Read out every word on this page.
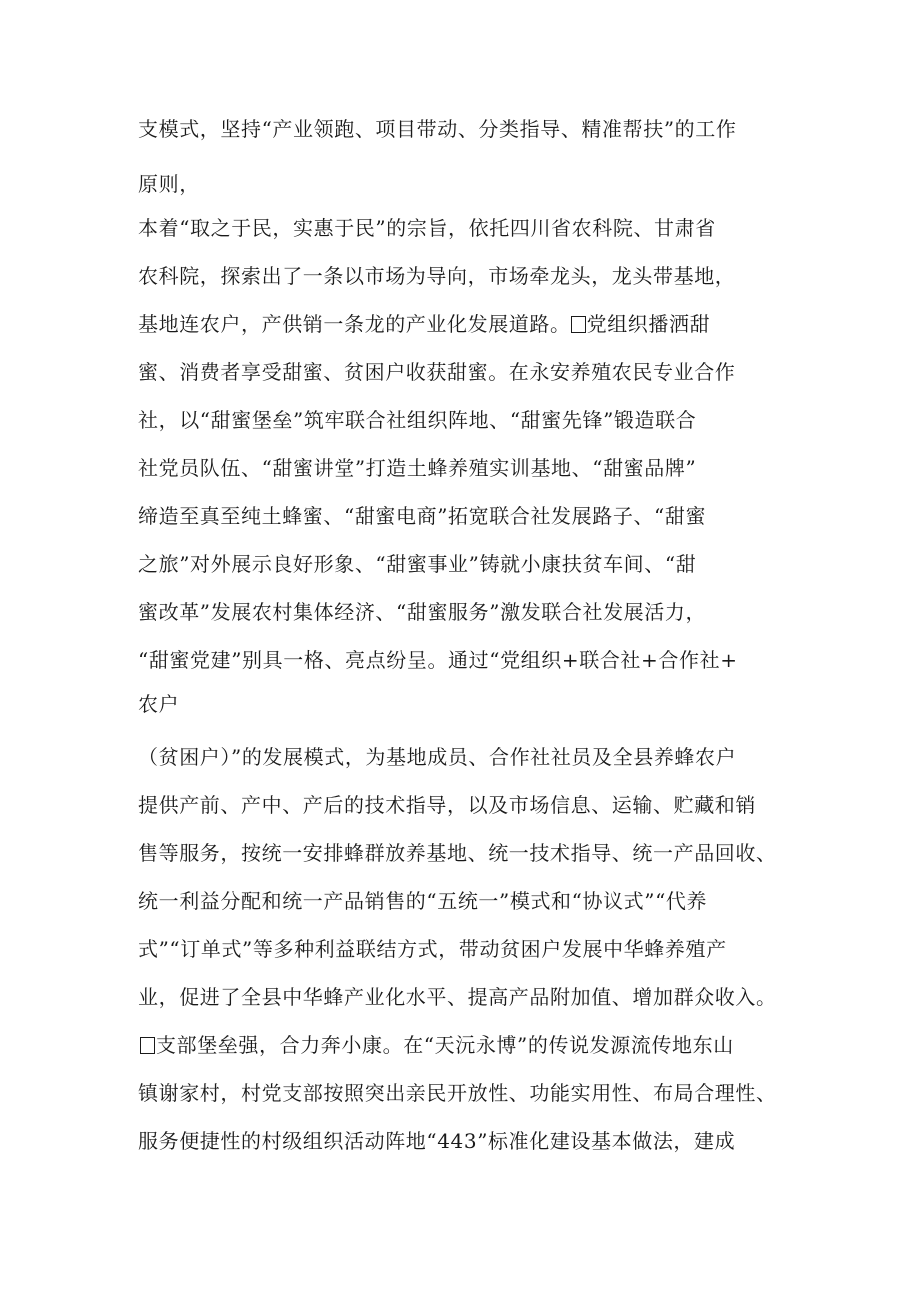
支模式，坚持“产业领跑、项目带动、分类指导、精准帮扶”的工作
原则，
本着“取之于民，实惠于民”的宗旨，依托四川省农科院、甘肃省
农科院，探索出了一条以市场为导向，市场牵龙头，龙头带基地，
基地连农户，产供销一条龙的产业化发展道路。 党组织播洒甜
蜜、消费者享受甜蜜、贫困户收获甜蜜。在永安养殖农民专业合作
社，以“甜蜜堡垒”筑牢联合社组织阵地、“甜蜜先锋”锻造联合
社党员队伍、“甜蜜讲堂”打造土蜂养殖实训基地、“甜蜜品牌”
缔造至真至纯土蜂蜜、“甜蜜电商”拓宽联合社发展路子、“甜蜜
之旅”对外展示良好形象、“甜蜜事业”铸就小康扶贫车间、“甜
蜜改革”发展农村集体经济、“甜蜜服务”激发联合社发展活力，
“甜蜜党建”别具一格、亮点纷呈。通过“党组织+联合社+合作社+
农户
（贫困户）”的发展模式，为基地成员、合作社社员及全县养蜂农户
提供产前、产中、产后的技术指导，以及市场信息、运输、贮藏和销
售等服务，按统一安排蜂群放养基地、统一技术指导、统一产品回收、
统一利益分配和统一产品销售的“五统一”模式和“协议式”“代养
式”“订单式”等多种利益联结方式，带动贫困户发展中华蜂养殖产
业，促进了全县中华蜂产业化水平、提高产品附加值、增加群众收入。
支部堡垒强，合力奔小康。在“天沅永博”的传说发源流传地东山
镇谢家村，村党支部按照突出亲民开放性、功能实用性、布局合理性、
服务便捷性的村级组织活动阵地“443”标准化建设基本做法，建成
